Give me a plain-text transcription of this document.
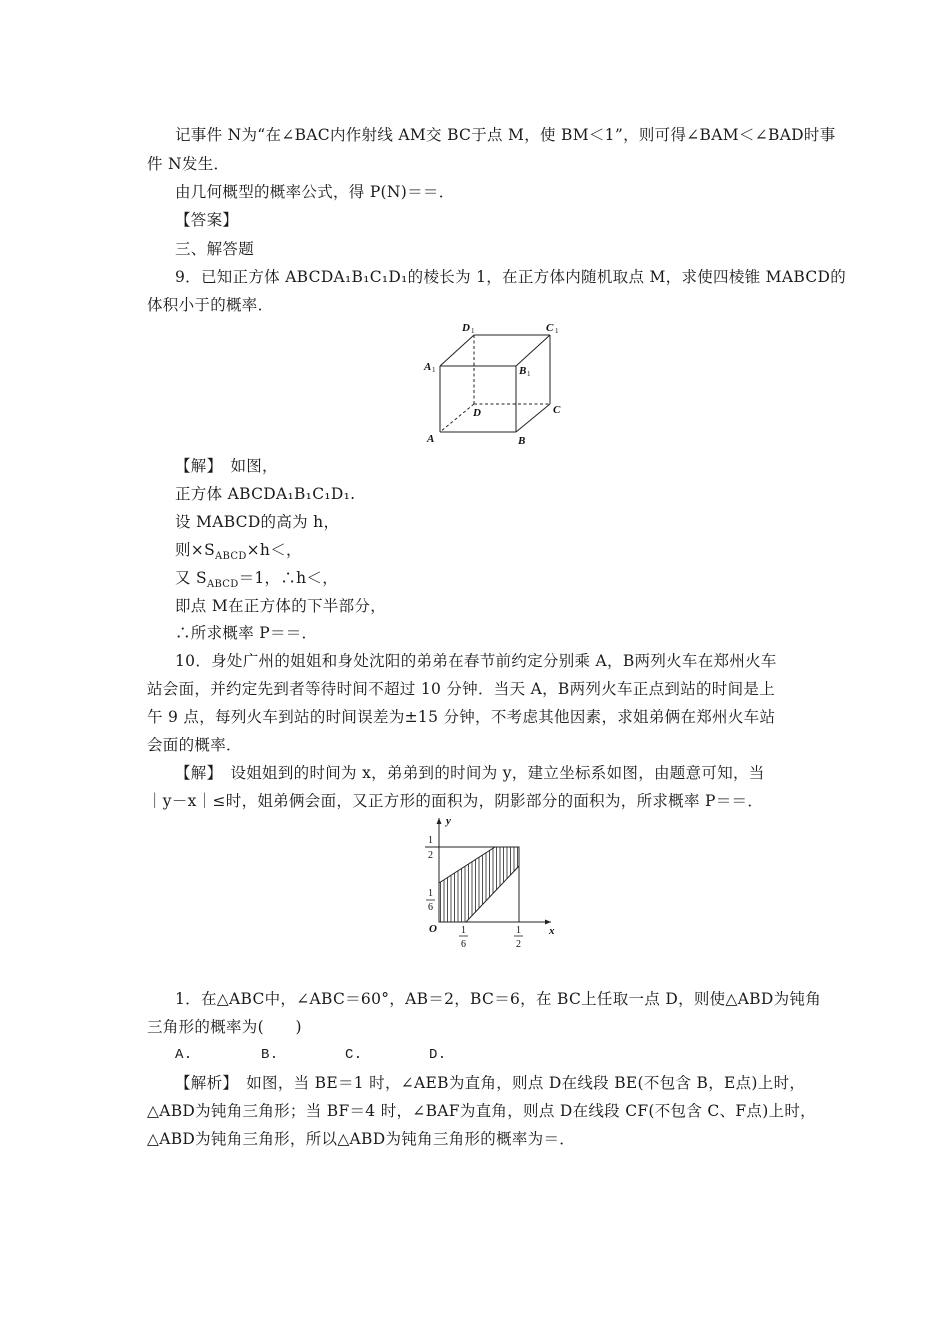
记事件 N为“在∠BAC内作射线 AM交 BC于点 M，使 BM＜1”，则可得∠BAM＜∠BAD时事
件 N发生．
由几何概型的概率公式，得 P(N)＝＝．
【答案】
三、解答题
9．已知正方体 ABCDA₁B₁C₁D₁的棱长为 1，在正方体内随机取点 M，求使四棱锥 MABCD的
体积小于的概率．
D 1	C 1
A 1	B 1
D	C
A	B
【解】　如图，
正方体 ABCDA₁B₁C₁D₁.
设 MABCD的高为 h，
则$\times S_{ABCD}\times h<$，
又 $S_{ABCD}=1$，∴h＜，
即点 M在正方体的下半部分，
∴所求概率 P＝＝．
10．身处广州的姐姐和身处沈阳的弟弟在春节前约定分别乘 A，B两列火车在郑州火车
站会面，并约定先到者等待时间不超过 10 分钟．当天 A，B两列火车正点到站的时间是上
午 9 点，每列火车到站的时间误差为±15 分钟，不考虑其他因素，求姐弟俩在郑州火车站
会面的概率．
【解】　设姐姐到的时间为 x，弟弟到的时间为 y，建立坐标系如图，由题意可知，当
｜y－x｜≤时，姐弟俩会面，又正方形的面积为，阴影部分的面积为，所求概率 P＝＝．
y
x
O
1
2
1
6
1
6
1
2
1．在△ABC中，∠ABC＝60°，AB＝2，BC＝6，在 BC上任取一点 D，则使△ABD为钝角
三角形的概率为(　　)
A.	B.	C.	D.
【解析】　如图，当 BE＝1 时，∠AEB为直角，则点 D在线段 BE(不包含 B，E点)上时，
△ABD为钝角三角形；当 BF＝4 时，∠BAF为直角，则点 D在线段 CF(不包含 C、F点)上时，
△ABD为钝角三角形，所以△ABD为钝角三角形的概率为＝．
